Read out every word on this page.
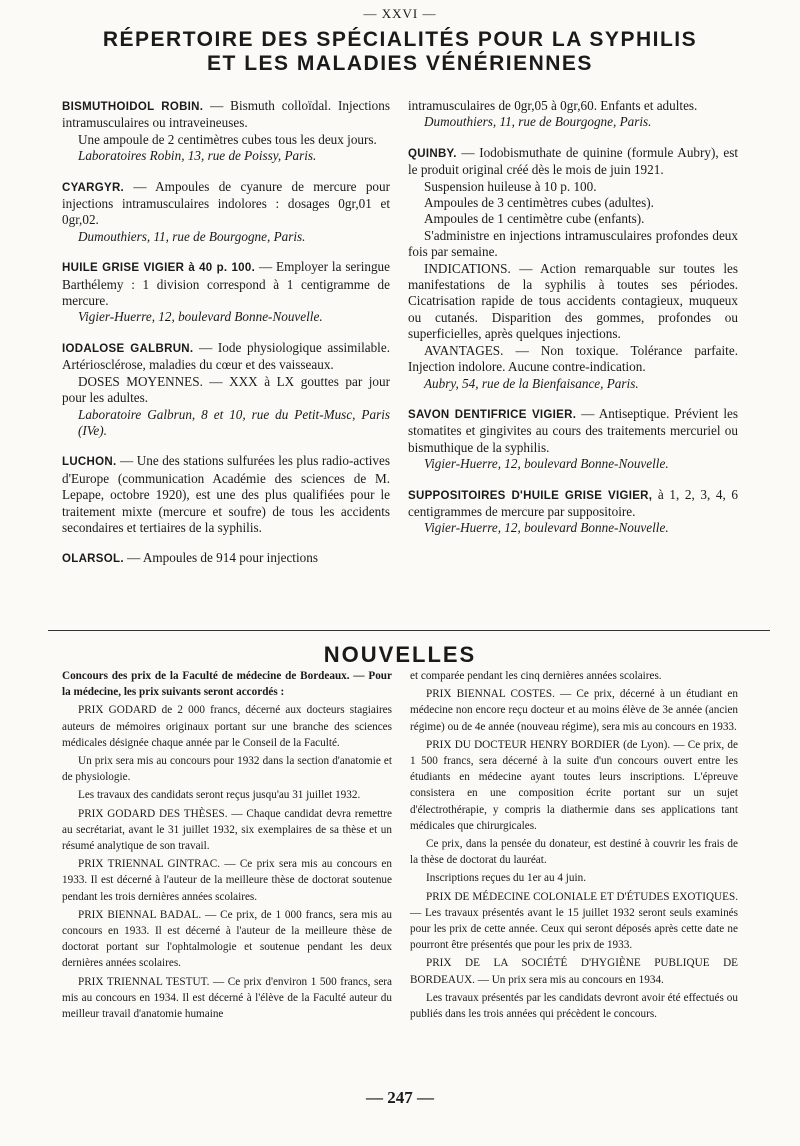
— XXVI —
RÉPERTOIRE DES SPÉCIALITÉS POUR LA SYPHILIS
ET LES MALADIES VÉNÉRIENNES

BISMUTHOIDOL ROBIN. — Bismuth colloïdal. Injections intramusculaires ou intraveineuses.

Une ampoule de 2 centimètres cubes tous les deux jours.

Laboratoires Robin, 13, rue de Poissy, Paris.

CYARGYR. — Ampoules de cyanure de mercure pour injections intramusculaires indolores : dosages 0gr,01 et 0gr,02.

Dumouthiers, 11, rue de Bourgogne, Paris.

HUILE GRISE VIGIER à 40 p. 100. — Employer la seringue Barthélemy : 1 division correspond à 1 centigramme de mercure.

Vigier-Huerre, 12, boulevard Bonne-Nouvelle.

IODALOSE GALBRUN. — Iode physiologique assimilable. Artériosclérose, maladies du cœur et des vaisseaux.

DOSES MOYENNES. — XXX à LX gouttes par jour pour les adultes.

Laboratoire Galbrun, 8 et 10, rue du Petit-Musc, Paris (IVe).

LUCHON. — Une des stations sulfurées les plus radio-actives d'Europe (communication Académie des sciences de M. Lepape, octobre 1920), est une des plus qualifiées pour le traitement mixte (mercure et soufre) de tous les accidents secondaires et tertiaires de la syphilis.

OLARSOL. — Ampoules de 914 pour injections

intramusculaires de 0gr,05 à 0gr,60. Enfants et adultes.

Dumouthiers, 11, rue de Bourgogne, Paris.

QUINBY. — Iodobismuthate de quinine (formule Aubry), est le produit original créé dès le mois de juin 1921.

Suspension huileuse à 10 p. 100.

Ampoules de 3 centimètres cubes (adultes).

Ampoules de 1 centimètre cube (enfants).

S'administre en injections intramusculaires profondes deux fois par semaine.

INDICATIONS. — Action remarquable sur toutes les manifestations de la syphilis à toutes ses périodes. Cicatrisation rapide de tous accidents contagieux, muqueux ou cutanés. Disparition des gommes, profondes ou superficielles, après quelques injections.

AVANTAGES. — Non toxique. Tolérance parfaite. Injection indolore. Aucune contre-indication.

Aubry, 54, rue de la Bienfaisance, Paris.

SAVON DENTIFRICE VIGIER. — Antiseptique. Prévient les stomatites et gingivites au cours des traitements mercuriel ou bismuthique de la syphilis.

Vigier-Huerre, 12, boulevard Bonne-Nouvelle.

SUPPOSITOIRES D'HUILE GRISE VIGIER, à 1, 2, 3, 4, 6 centigrammes de mercure par suppositoire.

Vigier-Huerre, 12, boulevard Bonne-Nouvelle.

NOUVELLES

Concours des prix de la Faculté de médecine de Bordeaux. — Pour la médecine, les prix suivants seront accordés :

PRIX GODARD de 2 000 francs, décerné aux docteurs stagiaires auteurs de mémoires originaux portant sur une branche des sciences médicales désignée chaque année par le Conseil de la Faculté.

Un prix sera mis au concours pour 1932 dans la section d'anatomie et de physiologie.

Les travaux des candidats seront reçus jusqu'au 31 juillet 1932.

PRIX GODARD DES THÈSES. — Chaque candidat devra remettre au secrétariat, avant le 31 juillet 1932, six exemplaires de sa thèse et un résumé analytique de son travail.

PRIX TRIENNAL GINTRAC. — Ce prix sera mis au concours en 1933. Il est décerné à l'auteur de la meilleure thèse de doctorat soutenue pendant les trois dernières années scolaires.

PRIX BIENNAL BADAL. — Ce prix, de 1 000 francs, sera mis au concours en 1933. Il est décerné à l'auteur de la meilleure thèse de doctorat portant sur l'ophtalmologie et soutenue pendant les deux dernières années scolaires.

PRIX TRIENNAL TESTUT. — Ce prix d'environ 1 500 francs, sera mis au concours en 1934. Il est décerné à l'élève de la Faculté auteur du meilleur travail d'anatomie humaine

et comparée pendant les cinq dernières années scolaires.

PRIX BIENNAL COSTES. — Ce prix, décerné à un étudiant en médecine non encore reçu docteur et au moins élève de 3e année (ancien régime) ou de 4e année (nouveau régime), sera mis au concours en 1933.

PRIX DU DOCTEUR HENRY BORDIER (de Lyon). — Ce prix, de 1 500 francs, sera décerné à la suite d'un concours ouvert entre les étudiants en médecine ayant toutes leurs inscriptions. L'épreuve consistera en une composition écrite portant sur un sujet d'électrothérapie, y compris la diathermie dans ses applications tant médicales que chirurgicales.

Ce prix, dans la pensée du donateur, est destiné à couvrir les frais de la thèse de doctorat du lauréat.

Inscriptions reçues du 1er au 4 juin.

PRIX DE MÉDECINE COLONIALE ET D'ÉTUDES EXOTIQUES. — Les travaux présentés avant le 15 juillet 1932 seront seuls examinés pour les prix de cette année. Ceux qui seront déposés après cette date ne pourront être présentés que pour les prix de 1933.

PRIX DE LA SOCIÉTÉ D'HYGIÈNE PUBLIQUE DE BORDEAUX. — Un prix sera mis au concours en 1934.

Les travaux présentés par les candidats devront avoir été effectués ou publiés dans les trois années qui précèdent le concours.

— 247 —
